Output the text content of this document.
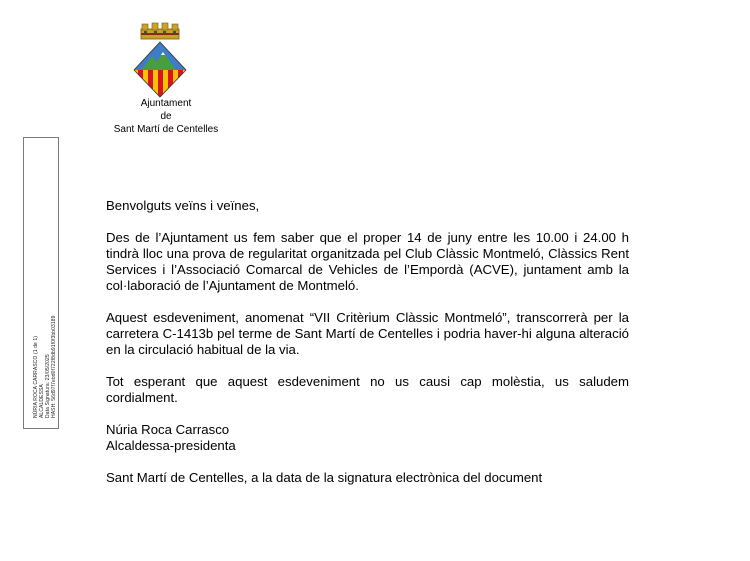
Ajuntament
de
Sant Martí de Centelles
NÚRIA ROCA CARRASCO (1 de 1) ALCALDESSA Data Signatura: 23/05/2025 HASH: 56d97f7ebd0f722f8db91f0f3bb03189

Benvolguts veïns i veïnes,

Des de l’Ajuntament us fem saber que el proper 14 de juny entre les 10.00 i 24.00 h tindrà lloc una prova de regularitat organitzada pel Club Clàssic Montmeló, Clàssics Rent Services i l’Associació Comarcal de Vehicles de l’Empordà (ACVE), juntament amb la col·laboració de l’Ajuntament de Montmeló.

Aquest esdeveniment, anomenat “VII Critèrium Clàssic Montmeló”, transcorrerà per la carretera C-1413b pel terme de Sant Martí de Centelles i podria haver-hi alguna alteració en la circulació habitual de la via.

Tot esperant que aquest esdeveniment no us causi cap molèstia, us saludem cordialment.

Núria Roca Carrasco

Alcaldessa-presidenta

Sant Martí de Centelles, a la data de la signatura electrònica del document
